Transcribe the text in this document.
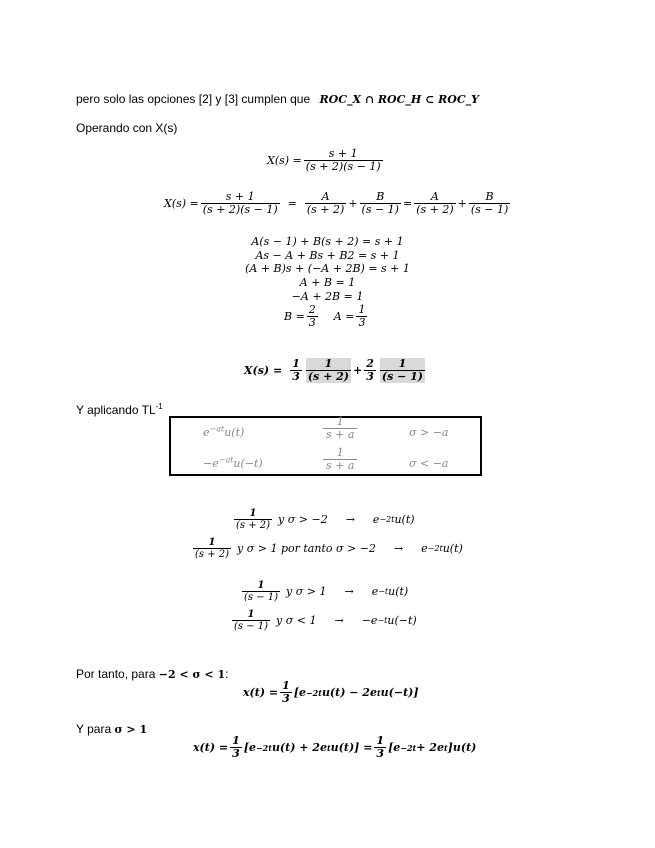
pero solo las opciones [2] y [3] cumplen que ROC_X ∩ ROC_H ⊂ ROC_Y
Operando con X(s)
$X(s) = \frac{s + 1}{(s + 2)(s - 1)}$
$X(s) = \frac{s + 1}{(s + 2)(s - 1)} = \frac{A}{(s + 2)} + \frac{B}{(s - 1)} = \frac{A}{(s + 2)} + \frac{B}{(s - 1)}$
A(s − 1) + B(s + 2) = s + 1
As − A + Bs + B2 = s + 1
(A + B)s + (−A + 2B) = s + 1
A + B = 1
−A + 2B = 1
$B = \frac{2}{3}$ $A = \frac{1}{3}$
$X(s) = \frac{1}{3} \frac{1}{(s + 2)} + \frac{2}{3} \frac{1}{(s - 1)}$
Y aplicando $TL^{-1}$
$e^{-at}u(t)$	$\frac{1}{s + a}$	σ > −a
$-e^{-at}u(-t)$	$\frac{1}{s + a}$	σ < −a
$\frac{1}{(s + 2)}$ y σ > −2 → e −2t u(t)
$\frac{1}{(s + 2)}$ y σ > 1 por tanto σ > −2 → e −2t u(t)
$\frac{1}{(s - 1)}$ y σ > 1 → e −t u(t)
$\frac{1}{(s - 1)}$ y σ < 1 → −e −t u(−t)
Por tanto, para −2 < σ < 1:
$x(t) = \frac{1}{3} [e -2t$ u(t) − 2e t u(−t)]
Y para σ > 1
$x(t) = \frac{1}{3} [e -2t$ u(t) + 2e t $u(t)] = \frac{1}{3} [e -2t + 2e$ t ]u(t)
